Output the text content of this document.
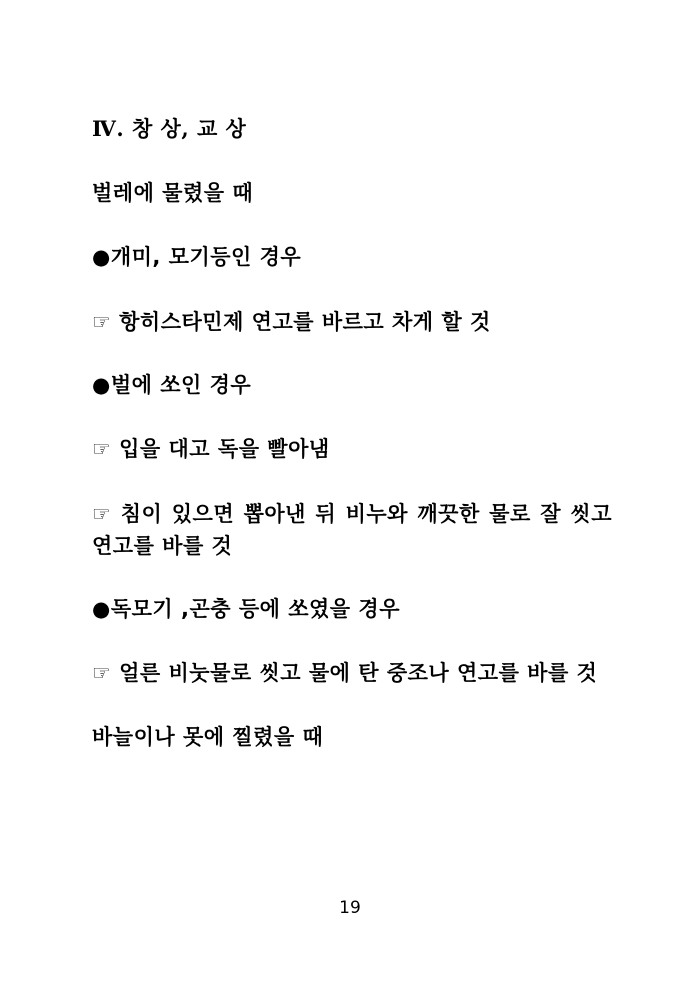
Ⅳ. 창 상, 교 상
벌레에 물렸을 때
●개미, 모기등인 경우
☞ 항히스타민제 연고를 바르고 차게 할 것
●벌에 쏘인 경우
☞ 입을 대고 독을 빨아냄
☞ 침이 있으면 뽑아낸 뒤 비누와 깨끗한 물로 잘 씻고 연고를 바를 것
●독모기 ,곤충 등에 쏘였을 경우
☞ 얼른 비눗물로 씻고 물에 탄 중조나 연고를 바를 것
바늘이나 못에 찔렸을 때
19
